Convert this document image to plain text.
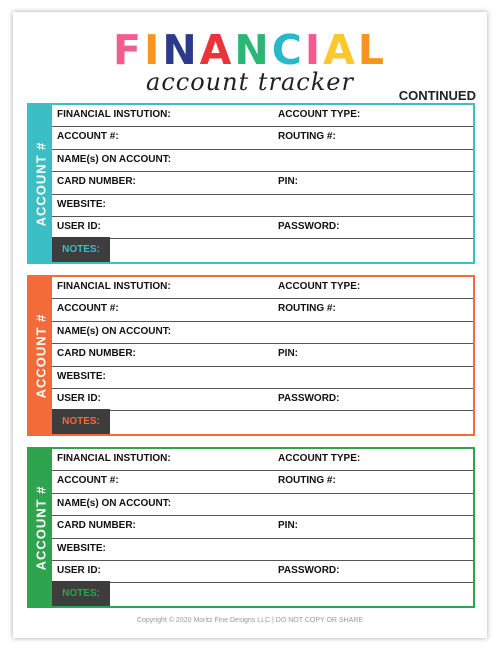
FINANCIAL
account tracker	CONTINUED
ACCOUNT #
FINANCIAL INSTUTION:	ACCOUNT TYPE:
ACCOUNT #:	ROUTING #:
NAME(s) ON ACCOUNT:
CARD NUMBER:	PIN:
WEBSITE:
USER ID:	PASSWORD:
NOTES:
ACCOUNT #
FINANCIAL INSTUTION:	ACCOUNT TYPE:
ACCOUNT #:	ROUTING #:
NAME(s) ON ACCOUNT:
CARD NUMBER:	PIN:
WEBSITE:
USER ID:	PASSWORD:
NOTES:
ACCOUNT #
FINANCIAL INSTUTION:	ACCOUNT TYPE:
ACCOUNT #:	ROUTING #:
NAME(s) ON ACCOUNT:
CARD NUMBER:	PIN:
WEBSITE:
USER ID:	PASSWORD:
NOTES:
Copyright © 2020 Moritz Fine Designs LLC | DO NOT COPY OR SHARE
